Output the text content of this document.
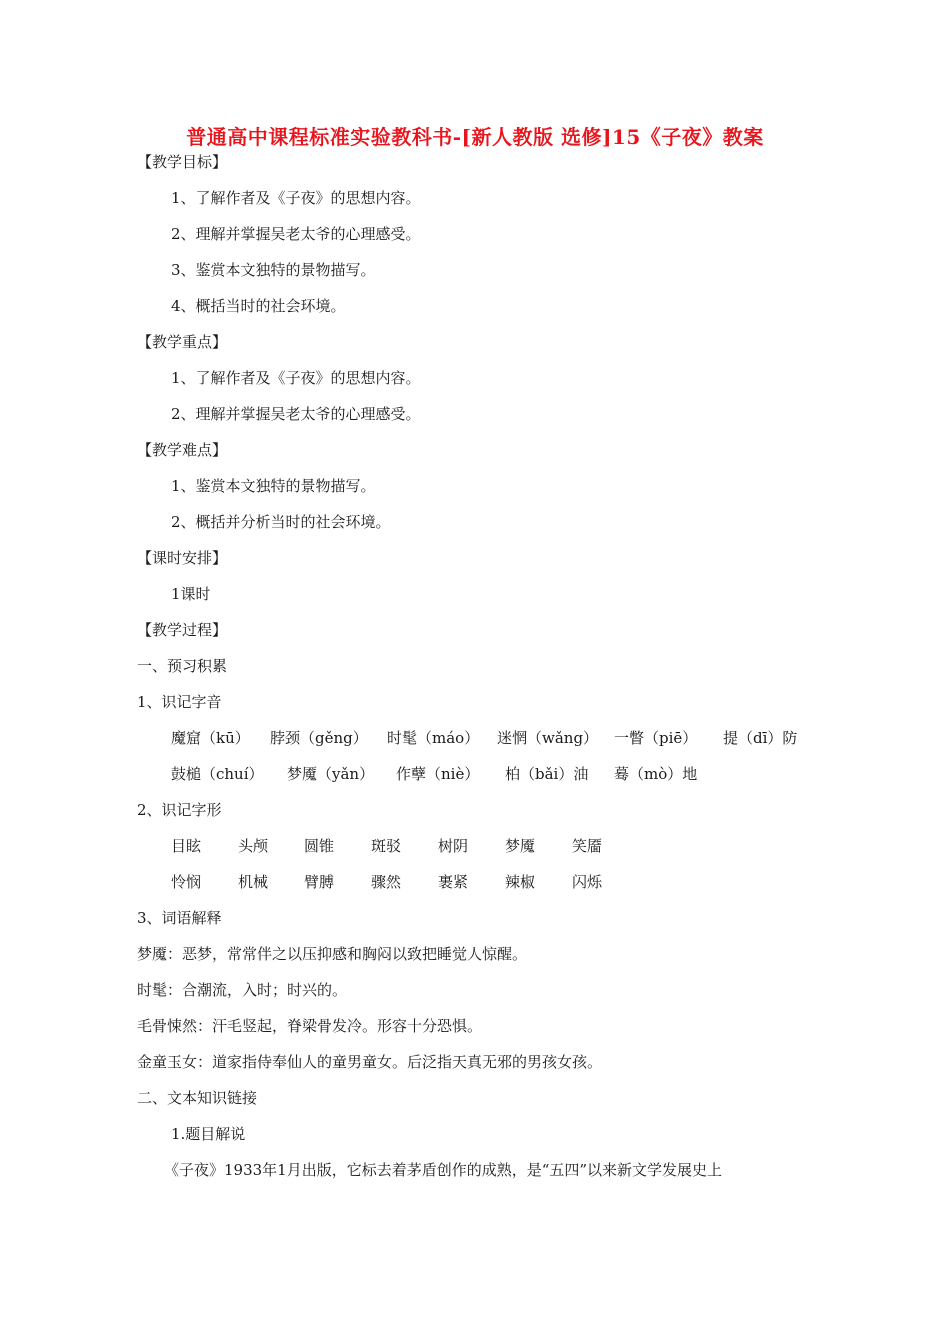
普通高中课程标准实验教科书-[新人教版 选修]15《子夜》教案
【教学目标】
1、了解作者及《子夜》的思想内容。
2、理解并掌握吴老太爷的心理感受。
3、鉴赏本文独特的景物描写。
4、概括当时的社会环境。
【教学重点】
1、了解作者及《子夜》的思想内容。
2、理解并掌握吴老太爷的心理感受。
【教学难点】
1、鉴赏本文独特的景物描写。
2、概括并分析当时的社会环境。
【课时安排】
1课时
【教学过程】
一、预习积累
1、识记字音
魔窟（kū） 脖颈（gěng） 时髦（máo） 迷惘（wǎng） 一瞥（piē） 提（dī）防
鼓槌（chuí） 梦魇（yǎn） 作孽（niè） 柏（bǎi）油 蓦（mò）地
2、识记字形
目眩 头颅 圆锥 斑驳 树阴 梦魇 笑靥
怜悯 机械 臂膊 骤然 裹紧 辣椒 闪烁
3、词语解释
梦魇：恶梦，常常伴之以压抑感和胸闷以致把睡觉人惊醒。
时髦：合潮流，入时；时兴的。
毛骨悚然：汗毛竖起，脊梁骨发冷。形容十分恐惧。
金童玉女：道家指侍奉仙人的童男童女。后泛指天真无邪的男孩女孩。
二、文本知识链接
1.题目解说
《子夜》1933年1月出版，它标去着茅盾创作的成熟，是“五四”以来新文学发展史上
